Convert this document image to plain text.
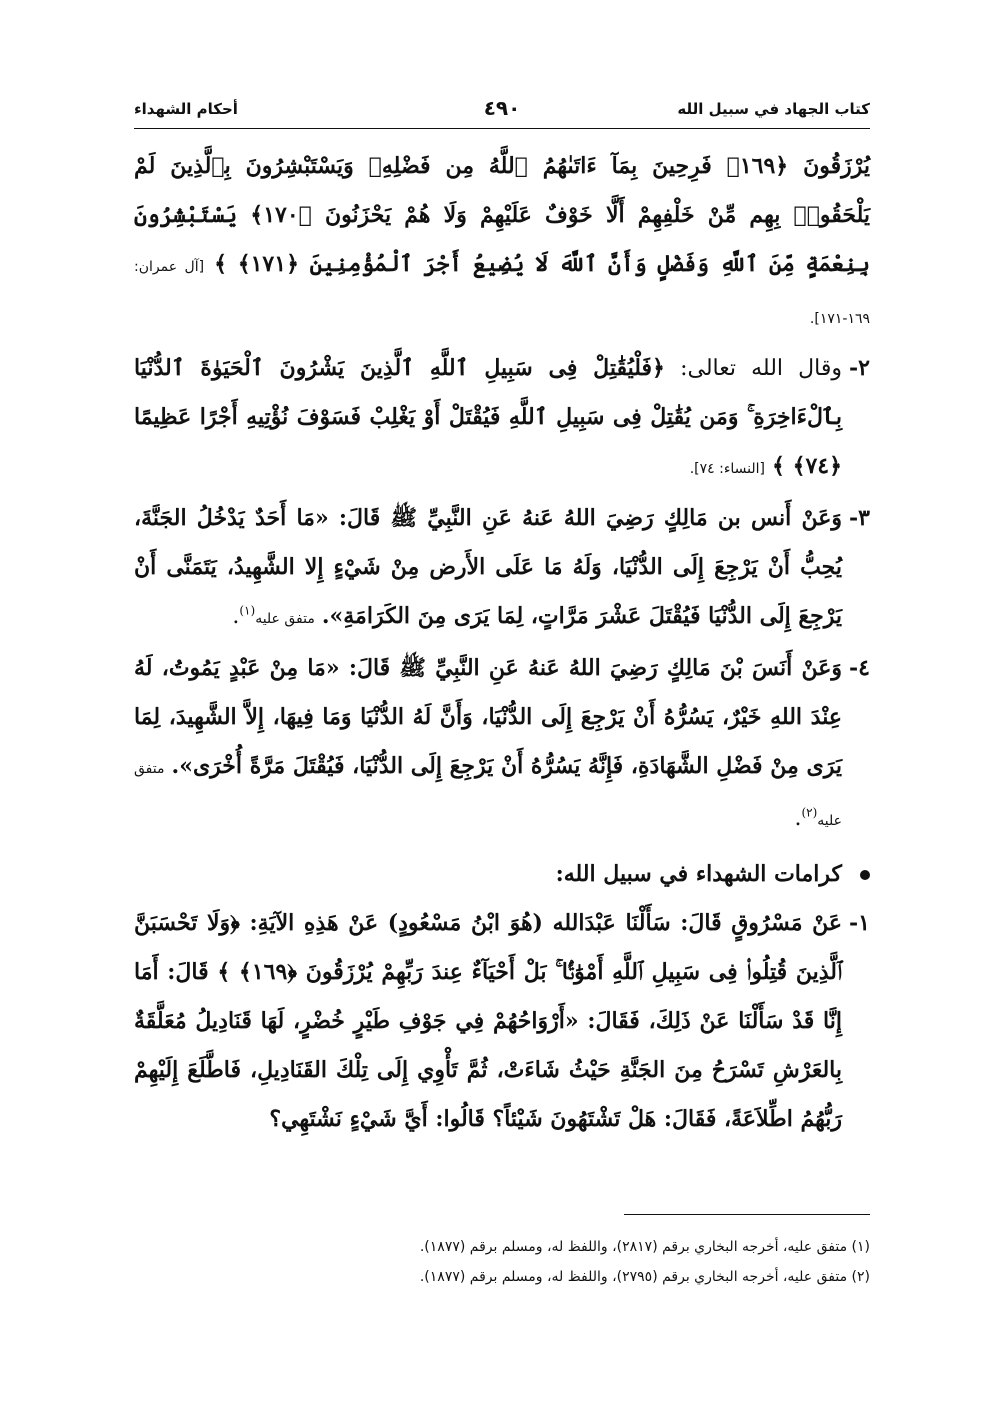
كتاب الجهاد في سبيل الله
٤٩٠
أحكام الشهداء

يُرْزَقُونَ ﴿١٦٩﴾ فَرِحِينَ بِمَآ ءَاتَىٰهُمُ ٱللَّهُ مِن فَضْلِهِۦ وَيَسْتَبْشِرُونَ بِٱلَّذِينَ لَمْ يَلْحَقُوا۟ بِهِم مِّنْ خَلْفِهِمْ أَلَّا خَوْفٌ عَلَيْهِمْ وَلَا هُمْ يَحْزَنُونَ ﴿١٧٠﴾ يَسْتَبْشِرُونَ بِنِعْمَةٍ مِّنَ ٱللَّهِ وَفَضْلٍ وَأَنَّ ٱللَّهَ لَا يُضِيعُ أَجْرَ ٱلْمُؤْمِنِينَ ﴿١٧١﴾ ﴾ [آل عمران: ١٦٩-١٧١].

٢-
وقال الله تعالى: ﴿فَلْيُقَٰتِلْ فِى سَبِيلِ ٱللَّهِ ٱلَّذِينَ يَشْرُونَ ٱلْحَيَوٰةَ ٱلدُّنْيَا بِٱلْءَاخِرَةِ ۚ وَمَن يُقَٰتِلْ فِى سَبِيلِ ٱللَّهِ فَيُقْتَلْ أَوْ يَغْلِبْ فَسَوْفَ نُؤْتِيهِ أَجْرًا عَظِيمًا ﴿٧٤﴾ ﴾ [النساء: ٧٤].

٣-
وَعَنْ أَنس بن مَالِكٍ رَضِيَ اللهُ عَنهُ عَنِ النَّبِيِّ ﷺ قَالَ: «مَا أَحَدٌ يَدْخُلُ الجَنَّةَ، يُحِبُّ أَنْ يَرْجِعَ إِلَى الدُّنْيَا، وَلَهُ مَا عَلَى الأَرض مِنْ شَيْءٍ إِلا الشَّهِيدُ، يَتَمَنَّى أَنْ يَرْجِعَ إِلَى الدُّنْيَا فَيُقْتَلَ عَشْرَ مَرَّاتٍ، لِمَا يَرَى مِنَ الكَرَامَةِ». متفق عليه$^{(١)}$.

٤-
وَعَنْ أَنَسَ بْنَ مَالِكٍ رَضِيَ اللهُ عَنهُ عَنِ النَّبِيِّ ﷺ قَالَ: «مَا مِنْ عَبْدٍ يَمُوتُ، لَهُ عِنْدَ اللهِ خَيْرٌ، يَسُرُّهُ أَنْ يَرْجِعَ إِلَى الدُّنْيَا، وَأَنَّ لَهُ الدُّنْيَا وَمَا فِيهَا، إِلاَّ الشَّهِيدَ، لِمَا يَرَى مِنْ فَضْلِ الشَّهَادَةِ، فَإِنَّهُ يَسُرُّهُ أَنْ يَرْجِعَ إِلَى الدُّنْيَا، فَيُقْتَلَ مَرَّةً أُخْرَى». متفق عليه$^{(٢)}$.

كرامات الشهداء في سبيل الله:

١-
عَنْ مَسْرُوقٍ قَالَ: سَأَلْنَا عَبْدَالله (هُوَ ابْنُ مَسْعُودٍ) عَنْ هَذِهِ الآيَةِ: ﴿وَلَا تَحْسَبَنَّ ٱلَّذِينَ قُتِلُوا۟ فِى سَبِيلِ ٱللَّهِ أَمْوَٰتًۢا ۚ بَلْ أَحْيَآءٌ عِندَ رَبِّهِمْ يُرْزَقُونَ ﴿١٦٩﴾ ﴾ قَالَ: أَمَا إِنَّا قَدْ سَأَلْنَا عَنْ ذَلِكَ، فَقَالَ: «أَرْوَاحُهُمْ فِي جَوْفِ طَيْرٍ خُضْرٍ، لَهَا قَنَادِيلُ مُعَلَّقَةٌ بِالعَرْشِ تَسْرَحُ مِنَ الجَنَّةِ حَيْثُ شَاءَتْ، ثُمَّ تَأْوِي إِلَى تِلْكَ القَنَادِيلِ، فَاطَّلَعَ إِلَيْهِمْ رَبُّهُمُ اطِّلاَعَةً، فَقَالَ: هَلْ تَشْتَهُونَ شَيْئاً؟ قَالُوا: أَيَّ شَيْءٍ نَشْتَهِي؟

(١) متفق عليه، أخرجه البخاري برقم (٢٨١٧)، واللفظ له، ومسلم برقم (١٨٧٧).

(٢) متفق عليه، أخرجه البخاري برقم (٢٧٩٥)، واللفظ له، ومسلم برقم (١٨٧٧).
